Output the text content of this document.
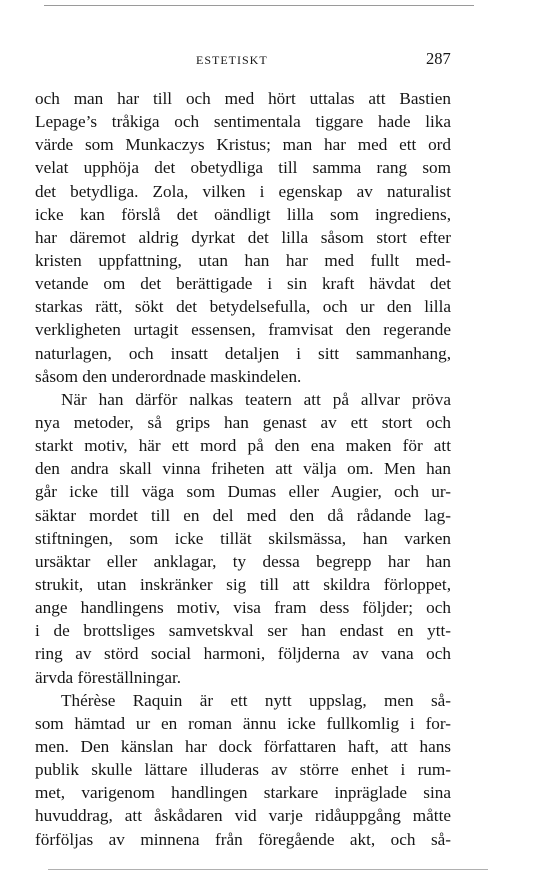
ESTETISKT	287
och man har till och med hört uttalas att Bastien
Lepage’s tråkiga och sentimentala tiggare hade lika
värde som Munkaczys Kristus; man har med ett ord
velat upphöja det obetydliga till samma rang som
det betydliga. Zola, vilken i egenskap av naturalist
icke kan förslå det oändligt lilla som ingrediens,
har däremot aldrig dyrkat det lilla såsom stort efter
kristen uppfattning, utan han har med fullt med-
vetande om det berättigade i sin kraft hävdat det
starkas rätt, sökt det betydelsefulla, och ur den lilla
verkligheten urtagit essensen, framvisat den regerande
naturlagen, och insatt detaljen i sitt sammanhang,
såsom den underordnade maskindelen.
När han därför nalkas teatern att på allvar pröva
nya metoder, så grips han genast av ett stort och
starkt motiv, här ett mord på den ena maken för att
den andra skall vinna friheten att välja om. Men han
går icke till väga som Dumas eller Augier, och ur-
säktar mordet till en del med den då rådande lag-
stiftningen, som icke tillät skilsmässa, han varken
ursäktar eller anklagar, ty dessa begrepp har han
strukit, utan inskränker sig till att skildra förloppet,
ange handlingens motiv, visa fram dess följder; och
i de brottsliges samvetskval ser han endast en ytt-
ring av störd social harmoni, följderna av vana och
ärvda föreställningar.
Thérèse Raquin är ett nytt uppslag, men så-
som hämtad ur en roman ännu icke fullkomlig i for-
men. Den känslan har dock författaren haft, att hans
publik skulle lättare illuderas av större enhet i rum-
met, varigenom handlingen starkare inpräglade sina
huvuddrag, att åskådaren vid varje ridåuppgång måtte
förföljas av minnena från föregående akt, och så-
